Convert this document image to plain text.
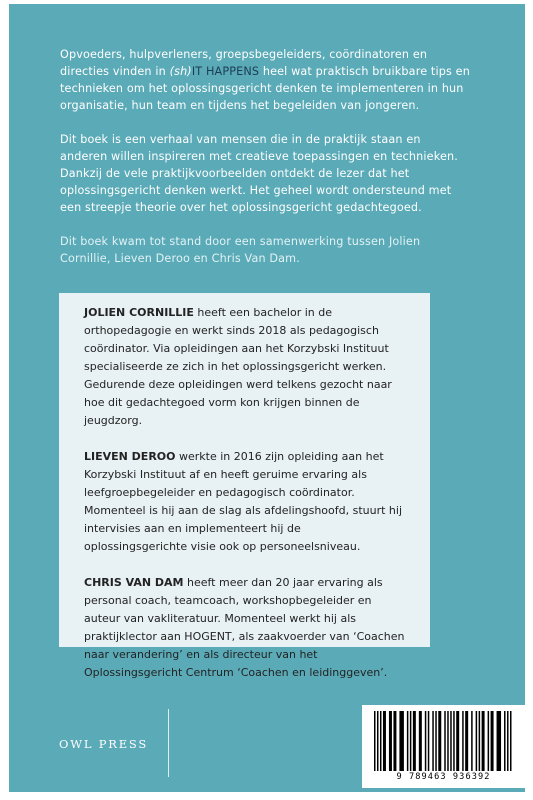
Opvoeders, hulpverleners, groepsbegeleiders, coördinatoren en directies vinden in (sh)IT HAPPENS heel wat praktisch bruikbare tips en technieken om het oplossingsgericht denken te implementeren in hun organisatie, hun team en tijdens het begeleiden van jongeren.

Dit boek is een verhaal van mensen die in de praktijk staan en anderen willen inspireren met creatieve toepassingen en technieken. Dankzij de vele praktijkvoorbeelden ontdekt de lezer dat het oplossingsgericht denken werkt. Het geheel wordt ondersteund met een streepje theorie over het oplossingsgericht gedachtegoed.

Dit boek kwam tot stand door een samenwerking tussen Jolien Cornillie, Lieven Deroo en Chris Van Dam.

JOLIEN CORNILLIE heeft een bachelor in de orthopedagogie en werkt sinds 2018 als pedagogisch coördinator. Via opleidingen aan het Korzybski Instituut specialiseerde ze zich in het oplossingsgericht werken. Gedurende deze opleidingen werd telkens gezocht naar hoe dit gedachtegoed vorm kon krijgen binnen de jeugdzorg.

LIEVEN DEROO werkte in 2016 zijn opleiding aan het Korzybski Instituut af en heeft geruime ervaring als leefgroepbegeleider en pedagogisch coördinator. Momenteel is hij aan de slag als afdelingshoofd, stuurt hij intervisies aan en implementeert hij de oplossingsgerichte visie ook op personeelsniveau.

CHRIS VAN DAM heeft meer dan 20 jaar ervaring als personal coach, teamcoach, workshopbegeleider en auteur van vakliteratuur. Momenteel werkt hij als praktijklector aan HOGENT, als zaakvoerder van ‘Coachen naar verandering’ en als directeur van het Oplossingsgericht Centrum ‘Coachen en leidinggeven’.

OWL PRESS
9 789463 936392
